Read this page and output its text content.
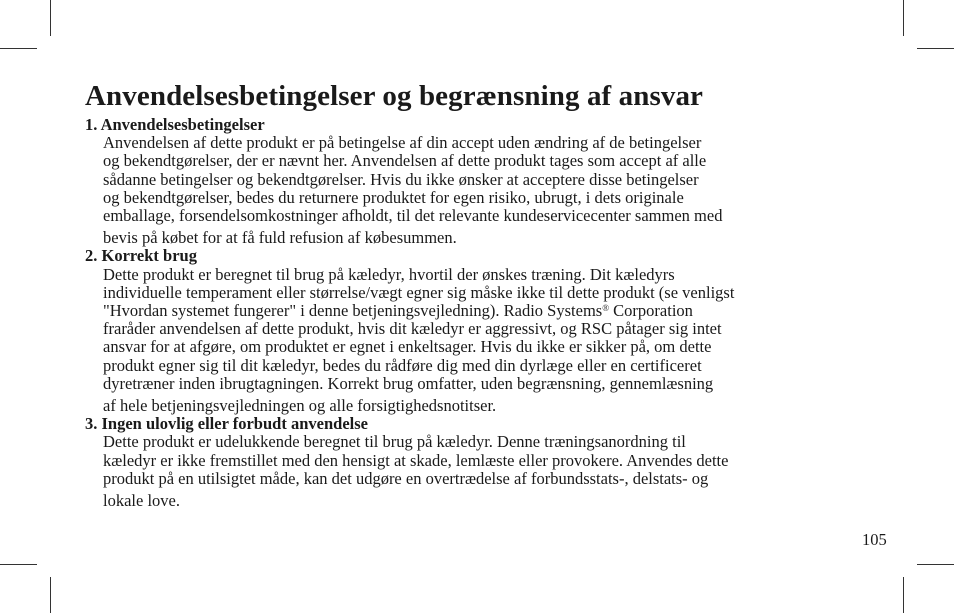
Anvendelsesbetingelser og begrænsning af ansvar

1. Anvendelsesbetingelser

Anvendelsen af dette produkt er på betingelse af din accept uden ændring af de betingelser
og bekendtgørelser, der er nævnt her. Anvendelsen af dette produkt tages som accept af alle
sådanne betingelser og bekendtgørelser. Hvis du ikke ønsker at acceptere disse betingelser
og bekendtgørelser, bedes du returnere produktet for egen risiko, ubrugt, i dets originale
emballage, forsendelsomkostninger afholdt, til det relevante kundeservicecenter sammen med
bevis på købet for at få fuld refusion af købesummen.

2. Korrekt brug

Dette produkt er beregnet til brug på kæledyr, hvortil der ønskes træning. Dit kæledyrs
individuelle temperament eller størrelse/vægt egner sig måske ikke til dette produkt (se venligst
"Hvordan systemet fungerer" i denne betjeningsvejledning). Radio Systems® Corporation
fraråder anvendelsen af dette produkt, hvis dit kæledyr er aggressivt, og RSC påtager sig intet
ansvar for at afgøre, om produktet er egnet i enkeltsager. Hvis du ikke er sikker på, om dette
produkt egner sig til dit kæledyr, bedes du rådføre dig med din dyrlæge eller en certificeret
dyretræner inden ibrugtagningen. Korrekt brug omfatter, uden begrænsning, gennemlæsning
af hele betjeningsvejledningen og alle forsigtighedsnotitser.

3. Ingen ulovlig eller forbudt anvendelse

Dette produkt er udelukkende beregnet til brug på kæledyr. Denne træningsanordning til
kæledyr er ikke fremstillet med den hensigt at skade, lemlæste eller provokere. Anvendes dette
produkt på en utilsigtet måde, kan det udgøre en overtrædelse af forbundsstats-, delstats- og
lokale love.

105
